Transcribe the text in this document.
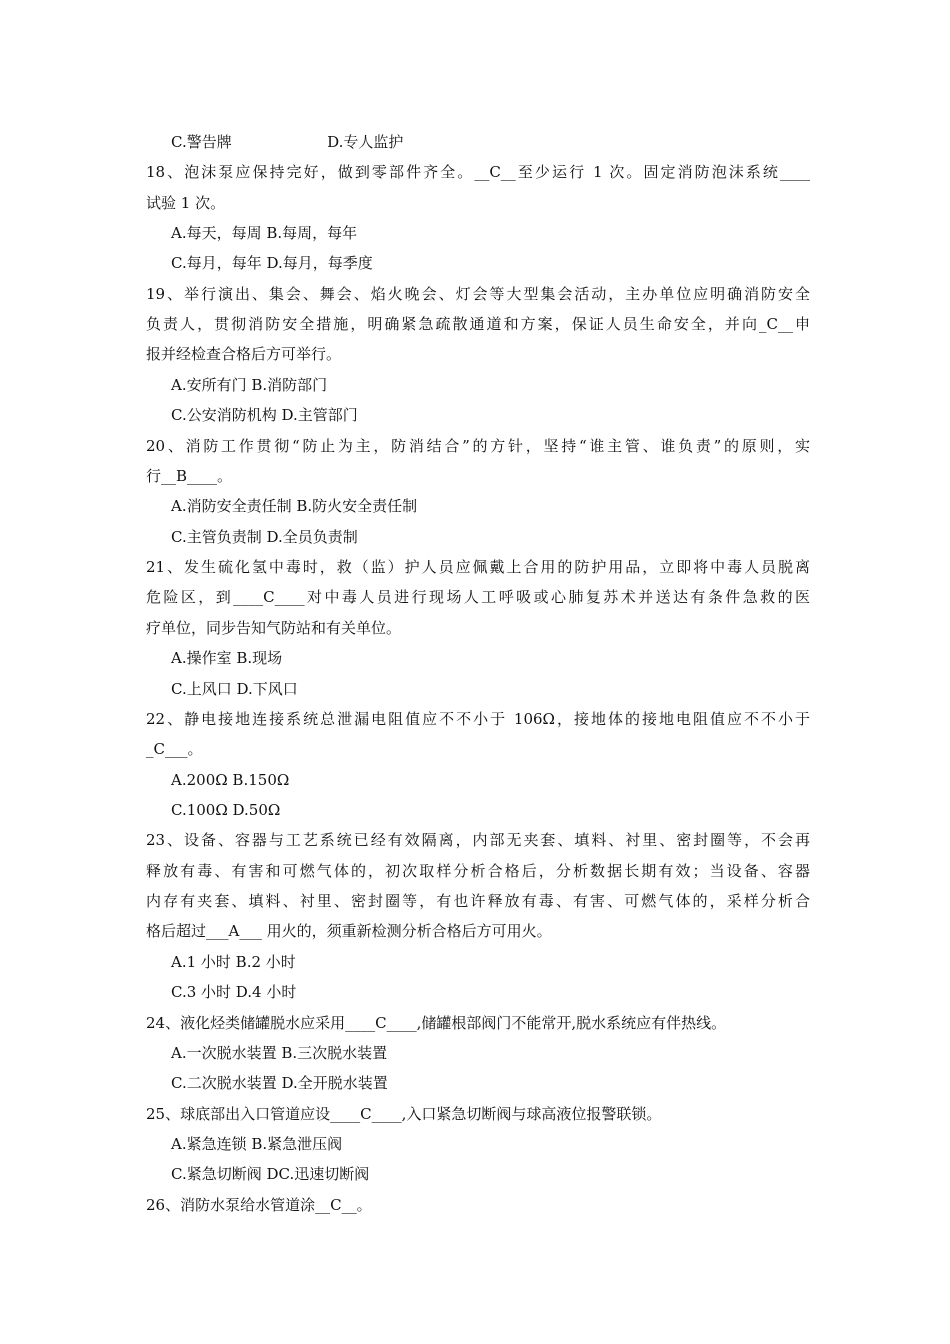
C.警告牌                    D.专人监护
18、泡沫泵应保持完好，做到零部件齐全。__C__至少运行 1 次。固定消防泡沫系统____
试验 1 次。
A.每天，每周 B.每周，每年
C.每月，每年 D.每月，每季度
19、举行演出、集会、舞会、焰火晚会、灯会等大型集会活动，主办单位应明确消防安全
负责人，贯彻消防安全措施，明确紧急疏散通道和方案，保证人员生命安全，并向_C__申
报并经检查合格后方可举行。
A.安所有门 B.消防部门
C.公安消防机构 D.主管部门
20、消防工作贯彻“防止为主，防消结合”的方针，坚持“谁主管、谁负责”的原则，实
行__B____。
A.消防安全责任制 B.防火安全责任制
C.主管负责制 D.全员负责制
21、发生硫化氢中毒时，救（监）护人员应佩戴上合用的防护用品，立即将中毒人员脱离
危险区，到____C____对中毒人员进行现场人工呼吸或心肺复苏术并送达有条件急救的医
疗单位，同步告知气防站和有关单位。
A.操作室 B.现场
C.上风口 D.下风口
22、静电接地连接系统总泄漏电阻值应不不小于 106Ω，接地体的接地电阻值应不不小于
_C___。
A.200Ω B.150Ω
C.100Ω D.50Ω
23、设备、容器与工艺系统已经有效隔离，内部无夹套、填料、衬里、密封圈等，不会再
释放有毒、有害和可燃气体的，初次取样分析合格后，分析数据长期有效；当设备、容器
内存有夹套、填料、衬里、密封圈等，有也许释放有毒、有害、可燃气体的，采样分析合
格后超过___A___ 用火的，须重新检测分析合格后方可用火。
A.1 小时 B.2 小时
C.3 小时 D.4 小时
24、液化烃类储罐脱水应采用____C____,储罐根部阀门不能常开,脱水系统应有伴热线。
A.一次脱水装置 B.三次脱水装置
C.二次脱水装置 D.全开脱水装置
25、球底部出入口管道应设____C____,入口紧急切断阀与球高液位报警联锁。
A.紧急连锁 B.紧急泄压阀
C.紧急切断阀 DC.迅速切断阀
26、消防水泵给水管道涂__C__。
